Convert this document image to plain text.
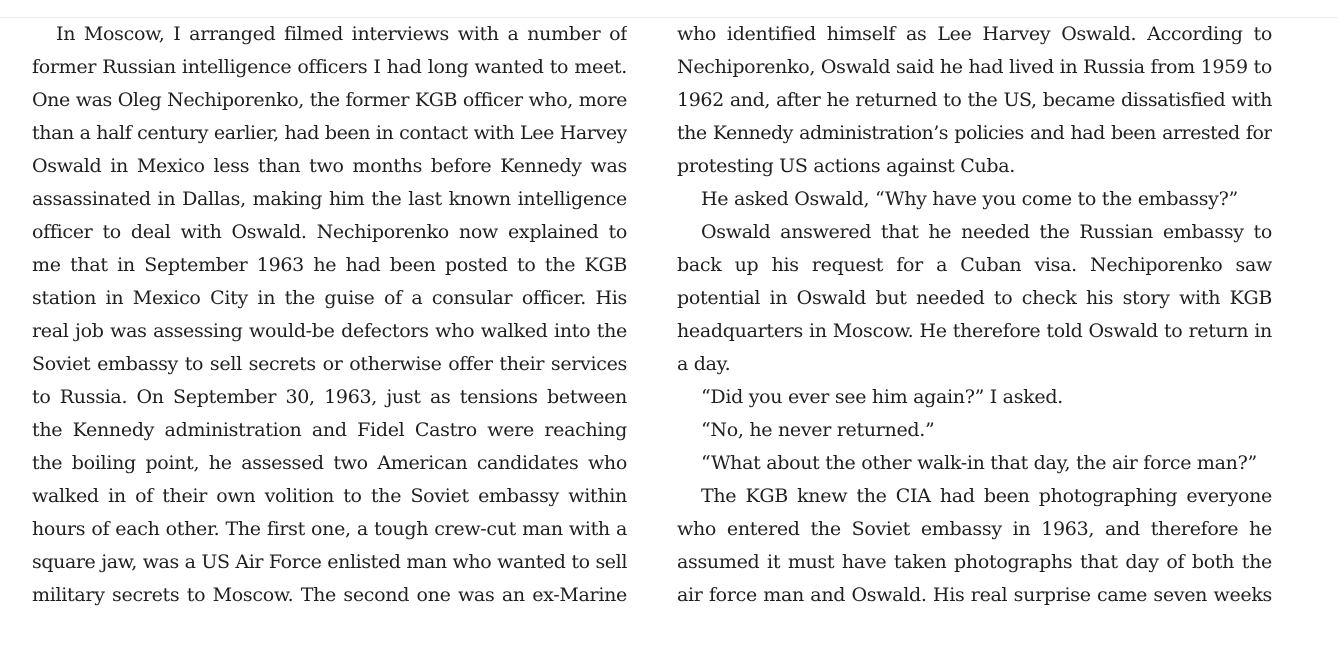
In Moscow, I arranged filmed interviews with a number of
former Russian intelligence officers I had long wanted to meet.
One was Oleg Nechiporenko, the former KGB officer who, more
than a half century earlier, had been in contact with Lee Harvey
Oswald in Mexico less than two months before Kennedy was
assassinated in Dallas, making him the last known intelligence
officer to deal with Oswald. Nechiporenko now explained to
me that in September 1963 he had been posted to the KGB
station in Mexico City in the guise of a consular officer. His
real job was assessing would-be defectors who walked into the
Soviet embassy to sell secrets or otherwise offer their services
to Russia. On September 30, 1963, just as tensions between
the Kennedy administration and Fidel Castro were reaching
the boiling point, he assessed two American candidates who
walked in of their own volition to the Soviet embassy within
hours of each other. The first one, a tough crew-cut man with a
square jaw, was a US Air Force enlisted man who wanted to sell
military secrets to Moscow. The second one was an ex-Marine
who identified himself as Lee Harvey Oswald. According to
Nechiporenko, Oswald said he had lived in Russia from 1959 to
1962 and, after he returned to the US, became dissatisfied with
the Kennedy administration’s policies and had been arrested for
protesting US actions against Cuba.
He asked Oswald, “Why have you come to the embassy?”
Oswald answered that he needed the Russian embassy to
back up his request for a Cuban visa. Nechiporenko saw
potential in Oswald but needed to check his story with KGB
headquarters in Moscow. He therefore told Oswald to return in
a day.
“Did you ever see him again?” I asked.
“No, he never returned.”
“What about the other walk-in that day, the air force man?”
The KGB knew the CIA had been photographing everyone
who entered the Soviet embassy in 1963, and therefore he
assumed it must have taken photographs that day of both the
air force man and Oswald. His real surprise came seven weeks
